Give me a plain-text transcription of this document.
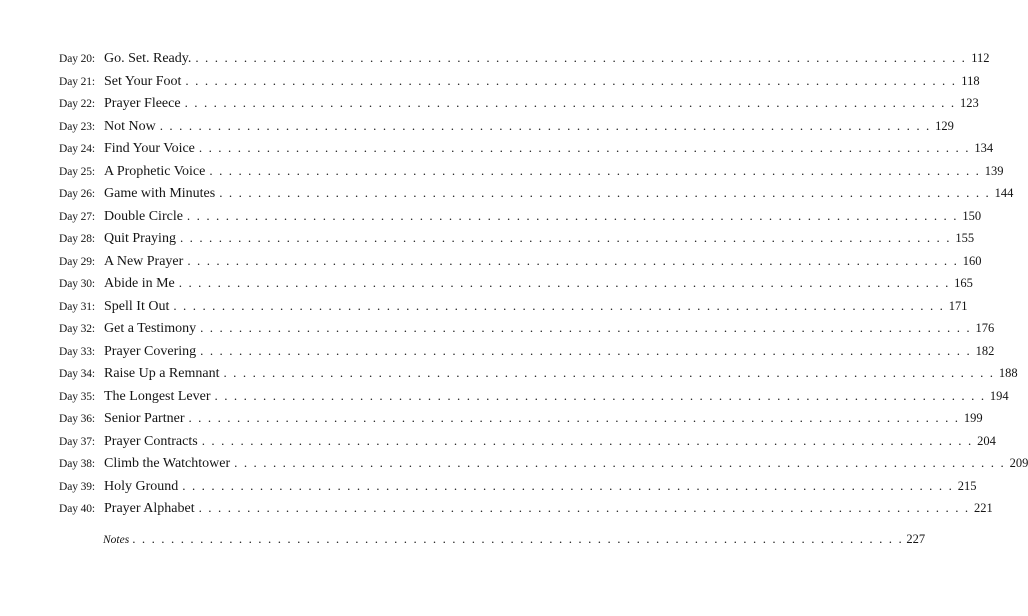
Day 20: Go. Set. Ready. . . . . . . . . . . . . . . . . . . . . . . . . . . . . . . . . . . . . . . . . . . . . . . . . . . . . . . . . . . . . . . . . . . . . . . . . . . . . . . . . 112
Day 21: Set Your Foot . . . . . . . . . . . . . . . . . . . . . . . . . . . . . . . . . . . . . . . . . . . . . . . . . . . . . . . . . . . . . . . . . . . . . . . . . . . . . . . . 118
Day 22: Prayer Fleece . . . . . . . . . . . . . . . . . . . . . . . . . . . . . . . . . . . . . . . . . . . . . . . . . . . . . . . . . . . . . . . . . . . . . . . . . . . . . . . . 123
Day 23: Not Now . . . . . . . . . . . . . . . . . . . . . . . . . . . . . . . . . . . . . . . . . . . . . . . . . . . . . . . . . . . . . . . . . . . . . . . . . . . . . . . . 129
Day 24: Find Your Voice . . . . . . . . . . . . . . . . . . . . . . . . . . . . . . . . . . . . . . . . . . . . . . . . . . . . . . . . . . . . . . . . . . . . . . . . . . . . . . . . 134
Day 25: A Prophetic Voice . . . . . . . . . . . . . . . . . . . . . . . . . . . . . . . . . . . . . . . . . . . . . . . . . . . . . . . . . . . . . . . . . . . . . . . . . . . . . . . . 139
Day 26: Game with Minutes . . . . . . . . . . . . . . . . . . . . . . . . . . . . . . . . . . . . . . . . . . . . . . . . . . . . . . . . . . . . . . . . . . . . . . . . . . . . . . . . 144
Day 27: Double Circle . . . . . . . . . . . . . . . . . . . . . . . . . . . . . . . . . . . . . . . . . . . . . . . . . . . . . . . . . . . . . . . . . . . . . . . . . . . . . . . . 150
Day 28: Quit Praying . . . . . . . . . . . . . . . . . . . . . . . . . . . . . . . . . . . . . . . . . . . . . . . . . . . . . . . . . . . . . . . . . . . . . . . . . . . . . . . . 155
Day 29: A New Prayer . . . . . . . . . . . . . . . . . . . . . . . . . . . . . . . . . . . . . . . . . . . . . . . . . . . . . . . . . . . . . . . . . . . . . . . . . . . . . . . . 160
Day 30: Abide in Me . . . . . . . . . . . . . . . . . . . . . . . . . . . . . . . . . . . . . . . . . . . . . . . . . . . . . . . . . . . . . . . . . . . . . . . . . . . . . . . . 165
Day 31: Spell It Out . . . . . . . . . . . . . . . . . . . . . . . . . . . . . . . . . . . . . . . . . . . . . . . . . . . . . . . . . . . . . . . . . . . . . . . . . . . . . . . . 171
Day 32: Get a Testimony . . . . . . . . . . . . . . . . . . . . . . . . . . . . . . . . . . . . . . . . . . . . . . . . . . . . . . . . . . . . . . . . . . . . . . . . . . . . . . . . 176
Day 33: Prayer Covering . . . . . . . . . . . . . . . . . . . . . . . . . . . . . . . . . . . . . . . . . . . . . . . . . . . . . . . . . . . . . . . . . . . . . . . . . . . . . . . . 182
Day 34: Raise Up a Remnant . . . . . . . . . . . . . . . . . . . . . . . . . . . . . . . . . . . . . . . . . . . . . . . . . . . . . . . . . . . . . . . . . . . . . . . . . . . . . . . . 188
Day 35: The Longest Lever . . . . . . . . . . . . . . . . . . . . . . . . . . . . . . . . . . . . . . . . . . . . . . . . . . . . . . . . . . . . . . . . . . . . . . . . . . . . . . . . 194
Day 36: Senior Partner . . . . . . . . . . . . . . . . . . . . . . . . . . . . . . . . . . . . . . . . . . . . . . . . . . . . . . . . . . . . . . . . . . . . . . . . . . . . . . . . 199
Day 37: Prayer Contracts . . . . . . . . . . . . . . . . . . . . . . . . . . . . . . . . . . . . . . . . . . . . . . . . . . . . . . . . . . . . . . . . . . . . . . . . . . . . . . . . 204
Day 38: Climb the Watchtower . . . . . . . . . . . . . . . . . . . . . . . . . . . . . . . . . . . . . . . . . . . . . . . . . . . . . . . . . . . . . . . . . . . . . . . . . . . . . . . . 209
Day 39: Holy Ground . . . . . . . . . . . . . . . . . . . . . . . . . . . . . . . . . . . . . . . . . . . . . . . . . . . . . . . . . . . . . . . . . . . . . . . . . . . . . . . . 215
Day 40: Prayer Alphabet . . . . . . . . . . . . . . . . . . . . . . . . . . . . . . . . . . . . . . . . . . . . . . . . . . . . . . . . . . . . . . . . . . . . . . . . . . . . . . . . 221
Notes . . . . . . . . . . . . . . . . . . . . . . . . . . . . . . . . . . . . . . . . . . . . . . . . . . . . . . . . . . . . . . . . . . . . . . . . . . . . . . . . 227
